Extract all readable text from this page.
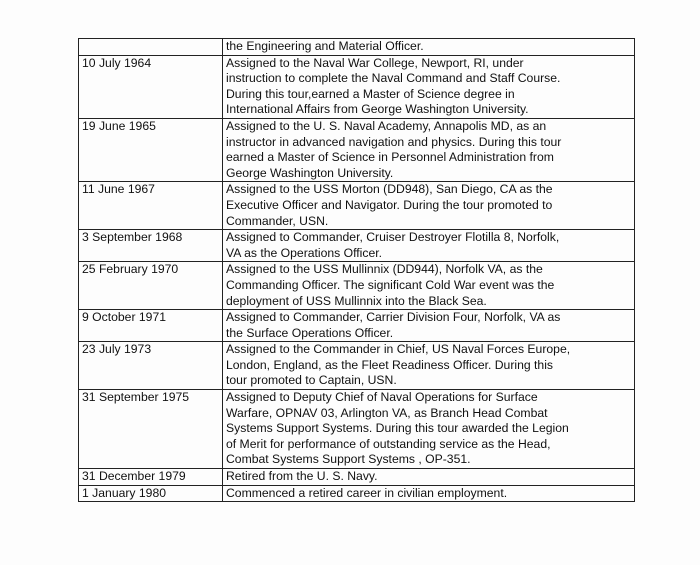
	the Engineering and Material Officer.
10 July 1964	Assigned to the Naval War College, Newport, RI, under
instruction to complete the Naval Command and Staff Course.
During this tour,earned a Master of Science degree in
International Affairs from George Washington University.
19 June 1965	Assigned to the U. S. Naval Academy, Annapolis MD, as an
instructor in advanced navigation and physics. During this tour
earned a Master of Science in Personnel Administration from
George Washington University.
11 June 1967	Assigned to the USS Morton (DD948), San Diego, CA as the
Executive Officer and Navigator. During the tour promoted to
Commander, USN.
3 September 1968	Assigned to Commander, Cruiser Destroyer Flotilla 8, Norfolk,
VA as the Operations Officer.
25 February 1970	Assigned to the USS Mullinnix (DD944), Norfolk VA, as the
Commanding Officer. The significant Cold War event was the
deployment of USS Mullinnix into the Black Sea.
9 October 1971	Assigned to Commander, Carrier Division Four, Norfolk, VA as
the Surface Operations Officer.
23 July 1973	Assigned to the Commander in Chief, US Naval Forces Europe,
London, England, as the Fleet Readiness Officer. During this
tour promoted to Captain, USN.
31 September 1975	Assigned to Deputy Chief of Naval Operations for Surface
Warfare, OPNAV 03, Arlington VA, as Branch Head Combat
Systems Support Systems. During this tour awarded the Legion
of Merit for performance of outstanding service as the Head,
Combat Systems Support Systems , OP-351.
31 December 1979	Retired from the U. S. Navy.
1 January 1980	Commenced a retired career in civilian employment.
